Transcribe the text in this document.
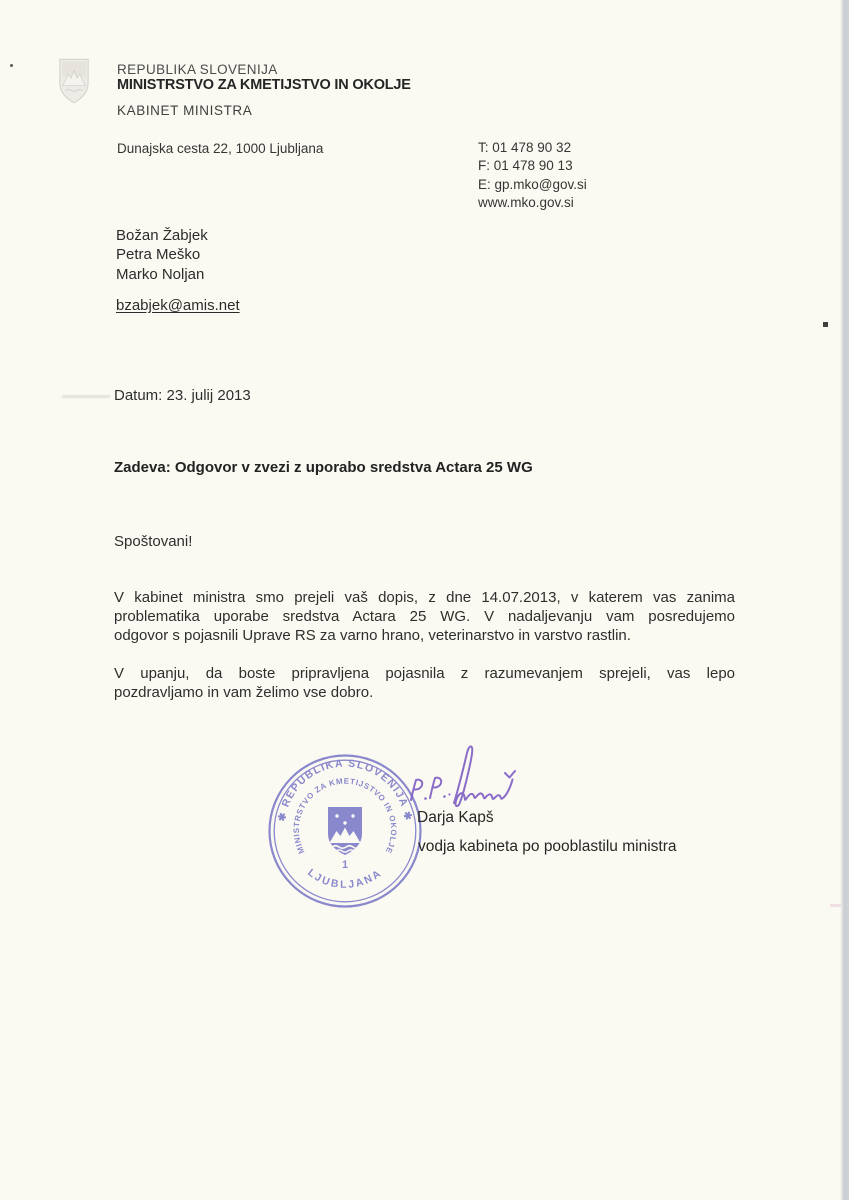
REPUBLIKA SLOVENIJA
MINISTRSTVO ZA KMETIJSTVO IN OKOLJE
KABINET MINISTRA
Dunajska cesta 22, 1000 Ljubljana	T: 01 478 90 32
F: 01 478 90 13
E: gp.mko@gov.si
www.mko.gov.si
Božan Žabjek
Petra Meško
Marko Noljan
bzabjek@amis.net
Datum: 23. julij 2013
Zadeva: Odgovor v zvezi z uporabo sredstva Actara 25 WG
Spoštovani!
V kabinet ministra smo prejeli vaš dopis, z dne 14.07.2013, v katerem vas zanima
problematika uporabe sredstva Actara 25 WG. V nadaljevanju vam posredujemo
odgovor s pojasnili Uprave RS za varno hrano, veterinarstvo in varstvo rastlin.
V upanju, da boste pripravljena pojasnila z razumevanjem sprejeli, vas lepo
pozdravljamo in vam želimo vse dobro.
✱ REPUBLIKA SLOVENIJA ✱
LJUBLJANA
MINISTRSTVO ZA KMETIJSTVO IN OKOLJE
1
Darja Kapš
vodja kabineta po pooblastilu ministra
